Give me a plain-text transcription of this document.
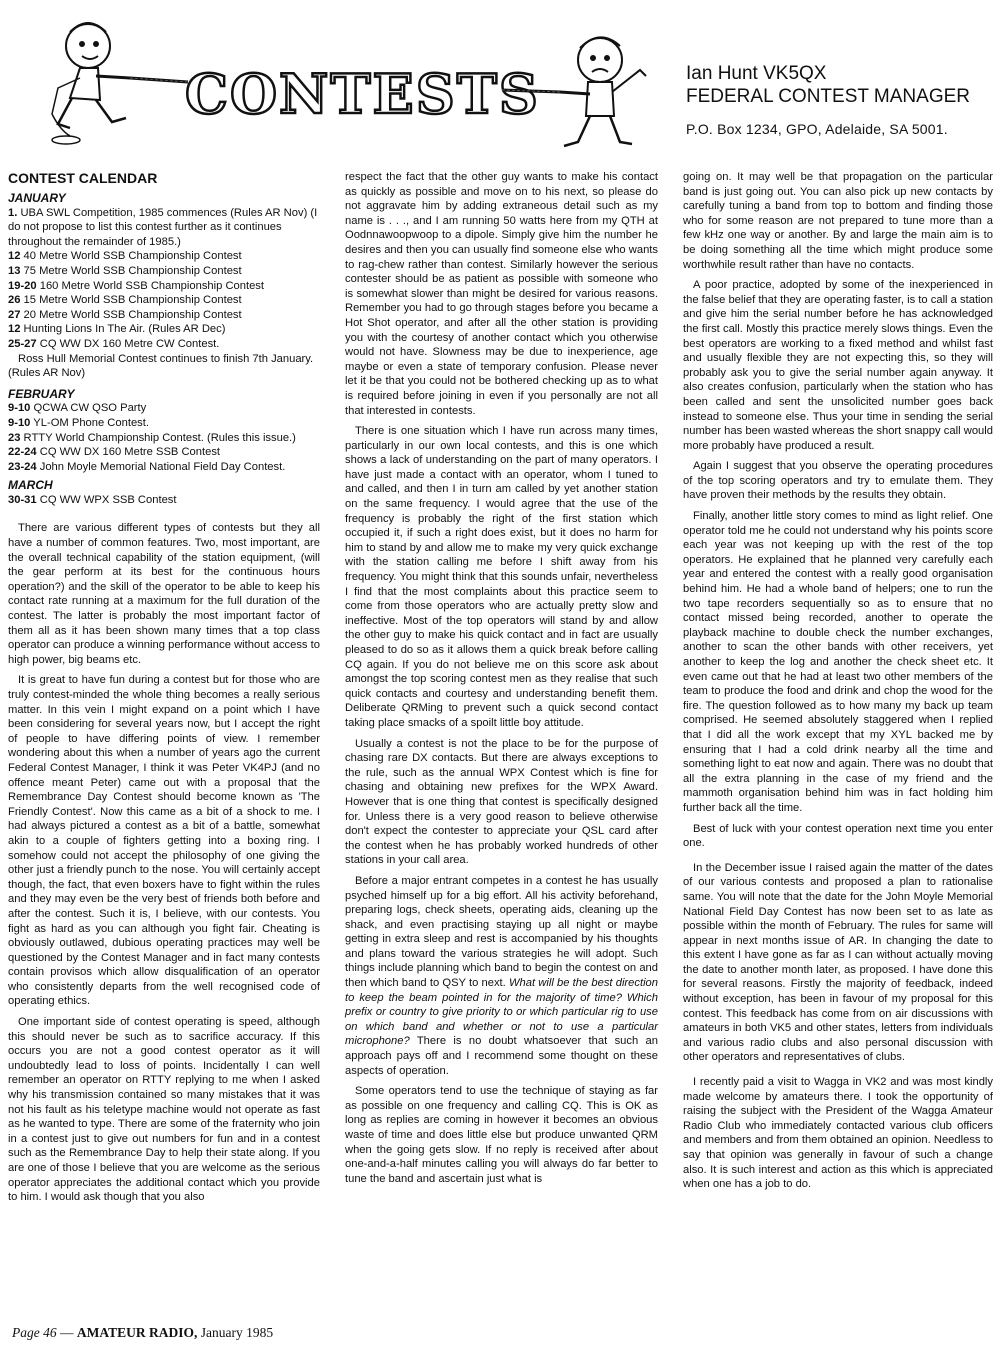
CONTESTS	Ian Hunt VK5QX
FEDERAL CONTEST MANAGER
P.O. Box 1234, GPO, Adelaide, SA 5001.
CONTEST CALENDAR
JANUARY
1. UBA SWL Competition, 1985 commences (Rules AR Nov) (I do not propose to list this contest further as it continues throughout the remainder of 1985.)
12 40 Metre World SSB Championship Contest
13 75 Metre World SSB Championship Contest
19-20 160 Metre World SSB Championship Contest
26 15 Metre World SSB Championship Contest
27 20 Metre World SSB Championship Contest
12 Hunting Lions In The Air. (Rules AR Dec)
25-27 CQ WW DX 160 Metre CW Contest.

Ross Hull Memorial Contest continues to finish 7th January. (Rules AR Nov)

FEBRUARY
9-10 QCWA CW QSO Party
9-10 YL-OM Phone Contest.
23 RTTY World Championship Contest. (Rules this issue.)
22-24 CQ WW DX 160 Metre SSB Contest
23-24 John Moyle Memorial National Field Day Contest.
MARCH
30-31 CQ WW WPX SSB Contest

There are various different types of contests but they all have a number of common features. Two, most important, are the overall technical capability of the station equipment, (will the gear perform at its best for the continuous hours operation?) and the skill of the operator to be able to keep his contact rate running at a maximum for the full duration of the contest. The latter is probably the most important factor of them all as it has been shown many times that a top class operator can produce a winning performance without access to high power, big beams etc.

It is great to have fun during a contest but for those who are truly contest-minded the whole thing becomes a really serious matter. In this vein I might expand on a point which I have been considering for several years now, but I accept the right of people to have differing points of view. I remember wondering about this when a number of years ago the current Federal Contest Manager, I think it was Peter VK4PJ (and no offence meant Peter) came out with a proposal that the Remembrance Day Contest should become known as 'The Friendly Contest'. Now this came as a bit of a shock to me. I had always pictured a contest as a bit of a battle, somewhat akin to a couple of fighters getting into a boxing ring. I somehow could not accept the philosophy of one giving the other just a friendly punch to the nose. You will certainly accept though, the fact, that even boxers have to fight within the rules and they may even be the very best of friends both before and after the contest. Such it is, I believe, with our contests. You fight as hard as you can although you fight fair. Cheating is obviously outlawed, dubious operating practices may well be questioned by the Contest Manager and in fact many contests contain provisos which allow disqualification of an operator who consistently departs from the well recognised code of operating ethics.

One important side of contest operating is speed, although this should never be such as to sacrifice accuracy. If this occurs you are not a good contest operator as it will undoubtedly lead to loss of points. Incidentally I can well remember an operator on RTTY replying to me when I asked why his transmission contained so many mistakes that it was not his fault as his teletype machine would not operate as fast as he wanted to type. There are some of the fraternity who join in a contest just to give out numbers for fun and in a contest such as the Remembrance Day to help their state along. If you are one of those I believe that you are welcome as the serious operator appreciates the additional contact which you provide to him. I would ask though that you also

respect the fact that the other guy wants to make his contact as quickly as possible and move on to his next, so please do not aggravate him by adding extraneous detail such as my name is . . ., and I am running 50 watts here from my QTH at Oodnnawoopwoop to a dipole. Simply give him the number he desires and then you can usually find someone else who wants to rag-chew rather than contest. Similarly however the serious contester should be as patient as possible with someone who is somewhat slower than might be desired for various reasons. Remember you had to go through stages before you became a Hot Shot operator, and after all the other station is providing you with the courtesy of another contact which you otherwise would not have. Slowness may be due to inexperience, age maybe or even a state of temporary confusion. Please never let it be that you could not be bothered checking up as to what is required before joining in even if you personally are not all that interested in contests.

There is one situation which I have run across many times, particularly in our own local contests, and this is one which shows a lack of understanding on the part of many operators. I have just made a contact with an operator, whom I tuned to and called, and then I in turn am called by yet another station on the same frequency. I would agree that the use of the frequency is probably the right of the first station which occupied it, if such a right does exist, but it does no harm for him to stand by and allow me to make my very quick exchange with the station calling me before I shift away from his frequency. You might think that this sounds unfair, nevertheless I find that the most complaints about this practice seem to come from those operators who are actually pretty slow and ineffective. Most of the top operators will stand by and allow the other guy to make his quick contact and in fact are usually pleased to do so as it allows them a quick break before calling CQ again. If you do not believe me on this score ask about amongst the top scoring contest men as they realise that such quick contacts and courtesy and understanding benefit them. Deliberate QRMing to prevent such a quick second contact taking place smacks of a spoilt little boy attitude.

Usually a contest is not the place to be for the purpose of chasing rare DX contacts. But there are always exceptions to the rule, such as the annual WPX Contest which is fine for chasing and obtaining new prefixes for the WPX Award. However that is one thing that contest is specifically designed for. Unless there is a very good reason to believe otherwise don't expect the contester to appreciate your QSL card after the contest when he has probably worked hundreds of other stations in your call area.

Before a major entrant competes in a contest he has usually psyched himself up for a big effort. All his activity beforehand, preparing logs, check sheets, operating aids, cleaning up the shack, and even practising staying up all night or maybe getting in extra sleep and rest is accompanied by his thoughts and plans toward the various strategies he will adopt. Such things include planning which band to begin the contest on and then which band to QSY to next. What will be the best direction to keep the beam pointed in for the majority of time? Which prefix or country to give priority to or which particular rig to use on which band and whether or not to use a particular microphone? There is no doubt whatsoever that such an approach pays off and I recommend some thought on these aspects of operation.

Some operators tend to use the technique of staying as far as possible on one frequency and calling CQ. This is OK as long as replies are coming in however it becomes an obvious waste of time and does little else but produce unwanted QRM when the going gets slow. If no reply is received after about one-and-a-half minutes calling you will always do far better to tune the band and ascertain just what is

going on. It may well be that propagation on the particular band is just going out. You can also pick up new contacts by carefully tuning a band from top to bottom and finding those who for some reason are not prepared to tune more than a few kHz one way or another. By and large the main aim is to be doing something all the time which might produce some worthwhile result rather than have no contacts.

A poor practice, adopted by some of the inexperienced in the false belief that they are operating faster, is to call a station and give him the serial number before he has acknowledged the first call. Mostly this practice merely slows things. Even the best operators are working to a fixed method and whilst fast and usually flexible they are not expecting this, so they will probably ask you to give the serial number again anyway. It also creates confusion, particularly when the station who has been called and sent the unsolicited number goes back instead to someone else. Thus your time in sending the serial number has been wasted whereas the short snappy call would more probably have produced a result.

Again I suggest that you observe the operating procedures of the top scoring operators and try to emulate them. They have proven their methods by the results they obtain.

Finally, another little story comes to mind as light relief. One operator told me he could not understand why his points score each year was not keeping up with the rest of the top operators. He explained that he planned very carefully each year and entered the contest with a really good organisation behind him. He had a whole band of helpers; one to run the two tape recorders sequentially so as to ensure that no contact missed being recorded, another to operate the playback machine to double check the number exchanges, another to scan the other bands with other receivers, yet another to keep the log and another the check sheet etc. It even came out that he had at least two other members of the team to produce the food and drink and chop the wood for the fire. The question followed as to how many my back up team comprised. He seemed absolutely staggered when I replied that I did all the work except that my XYL backed me by ensuring that I had a cold drink nearby all the time and something light to eat now and again. There was no doubt that all the extra planning in the case of my friend and the mammoth organisation behind him was in fact holding him further back all the time.

Best of luck with your contest operation next time you enter one.

In the December issue I raised again the matter of the dates of our various contests and proposed a plan to rationalise same. You will note that the date for the John Moyle Memorial National Field Day Contest has now been set to as late as possible within the month of February. The rules for same will appear in next months issue of AR. In changing the date to this extent I have gone as far as I can without actually moving the date to another month later, as proposed. I have done this for several reasons. Firstly the majority of feedback, indeed without exception, has been in favour of my proposal for this contest. This feedback has come from on air discussions with amateurs in both VK5 and other states, letters from individuals and various radio clubs and also personal discussion with other operators and representatives of clubs.

I recently paid a visit to Wagga in VK2 and was most kindly made welcome by amateurs there. I took the opportunity of raising the subject with the President of the Wagga Amateur Radio Club who immediately contacted various club officers and members and from them obtained an opinion. Needless to say that opinion was generally in favour of such a change also. It is such interest and action as this which is appreciated when one has a job to do.

Page 46 — AMATEUR RADIO, January 1985
